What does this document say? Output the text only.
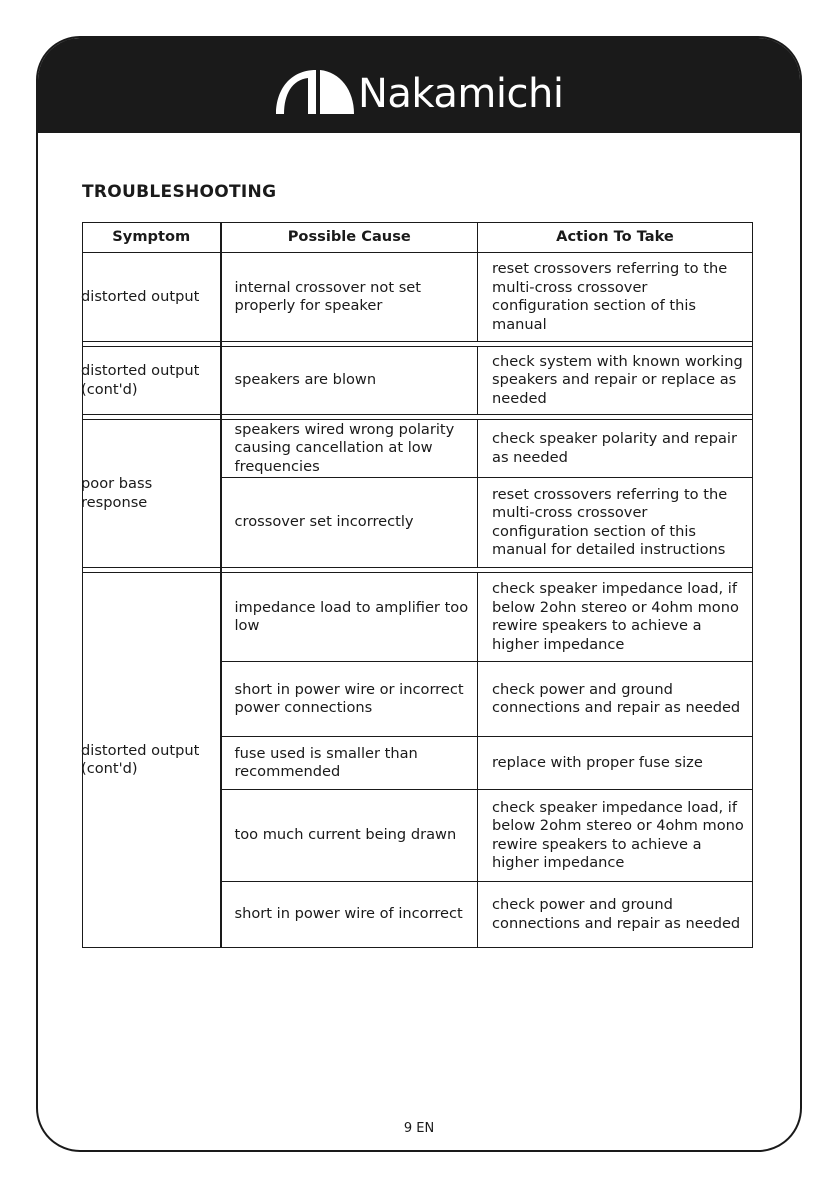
Nakamichi
TROUBLESHOOTING
Symptom	Possible Cause	Action To Take

distorted output	internal crossover not set properly for speaker	reset crossovers referring to the multi-cross crossover configuration section of this manual

distorted output (cont'd)	speakers are blown	check system with known working speakers and repair or replace as needed

poor bass response	speakers wired wrong polarity causing cancellation at low frequencies	check speaker polarity and repair as needed
	crossover set incorrectly	reset crossovers referring to the multi-cross crossover configuration section of this manual for detailed instructions

distorted output (cont'd)	impedance load to amplifier too low	check speaker impedance load, if below 2ohn stereo or 4ohm mono rewire speakers to achieve a higher impedance
	short in power wire or incorrect power connections	check power and ground connections and repair as needed
	fuse used is smaller than recommended	replace with proper fuse size
	too much current being drawn	check speaker impedance load, if below 2ohm stereo or 4ohm mono rewire speakers to achieve a higher impedance
	short in power wire of incorrect	check power and ground connections and repair as needed
9 EN
